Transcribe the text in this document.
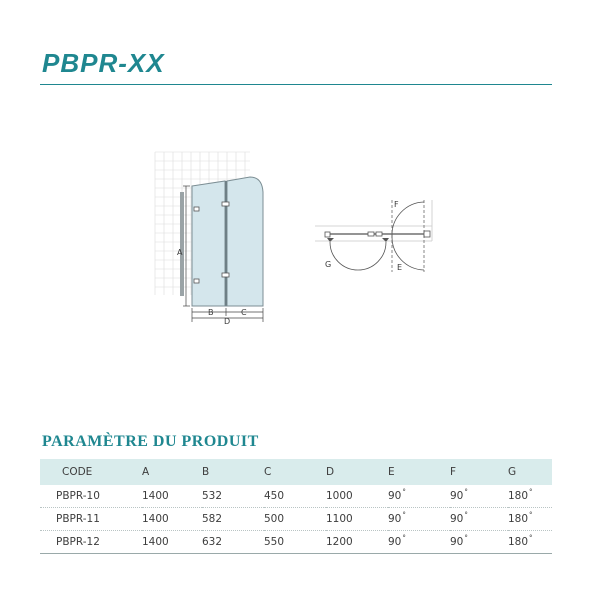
PBPR-XX
A
B	C
D
F
G	E
PARAMÈTRE DU PRODUIT
CODE	A	B	C	D	E	F	G
PBPR-10	1400	532	450	1000	90°	90°	180°
PBPR-11	1400	582	500	1100	90°	90°	180°
PBPR-12	1400	632	550	1200	90°	90°	180°
